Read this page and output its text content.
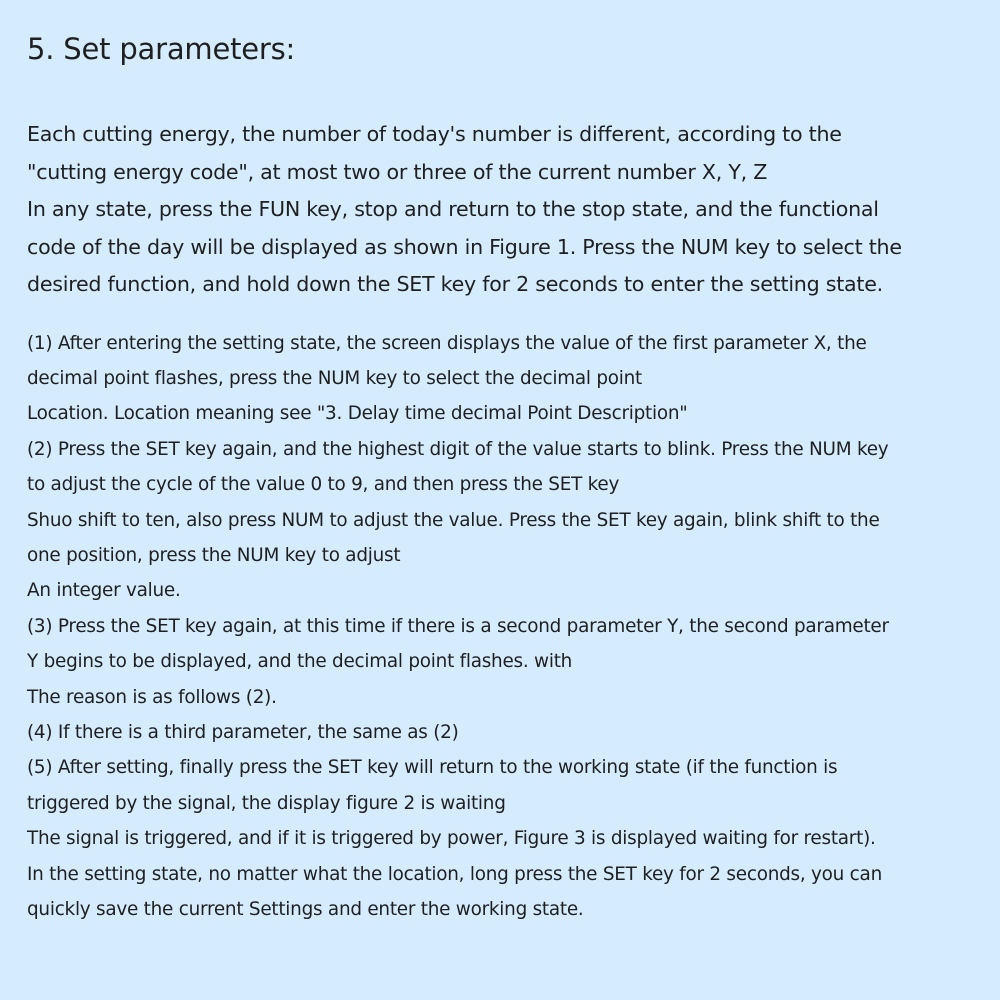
5. Set parameters:
Each cutting energy, the number of today's number is different, according to the
"cutting energy code", at most two or three of the current number X, Y, Z
In any state, press the FUN key, stop and return to the stop state, and the functional
code of the day will be displayed as shown in Figure 1. Press the NUM key to select the
desired function, and hold down the SET key for 2 seconds to enter the setting state.
(1) After entering the setting state, the screen displays the value of the first parameter X, the
decimal point flashes, press the NUM key to select the decimal point
Location. Location meaning see "3. Delay time decimal Point Description"
(2) Press the SET key again, and the highest digit of the value starts to blink. Press the NUM key
to adjust the cycle of the value 0 to 9, and then press the SET key
Shuo shift to ten, also press NUM to adjust the value. Press the SET key again, blink shift to the
one position, press the NUM key to adjust
An integer value.
(3) Press the SET key again, at this time if there is a second parameter Y, the second parameter
Y begins to be displayed, and the decimal point flashes. with
The reason is as follows (2).
(4) If there is a third parameter, the same as (2)
(5) After setting, finally press the SET key will return to the working state (if the function is
triggered by the signal, the display figure 2 is waiting
The signal is triggered, and if it is triggered by power, Figure 3 is displayed waiting for restart).
In the setting state, no matter what the location, long press the SET key for 2 seconds, you can
quickly save the current Settings and enter the working state.
